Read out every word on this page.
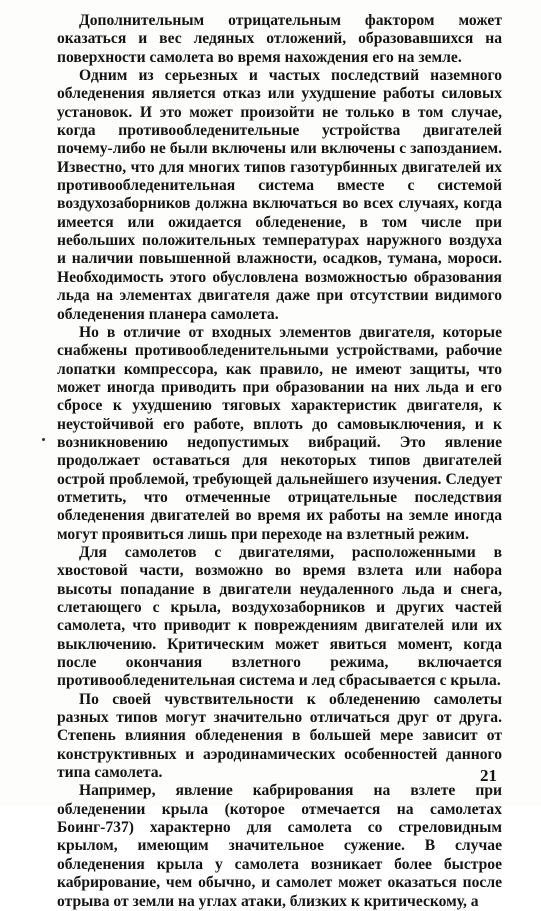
Дополнительным отрицательным фактором может оказаться и вес ледяных отложений, образовавшихся на поверхности самолета во время нахождения его на земле.

Одним из серьезных и частых последствий наземного обледенения является отказ или ухудшение работы силовых установок. И это может произойти не только в том случае, когда противообледенительные устройства двигателей почему-либо не были включены или включены с запозданием. Известно, что для многих типов газотурбинных двигателей их противообледенительная система вместе с системой воздухозаборников должна включаться во всех случаях, когда имеется или ожидается обледенение, в том числе при небольших положительных температурах наружного воздуха и наличии повышенной влажности, осадков, тумана, мороси. Необходимость этого обусловлена возможностью образования льда на элементах двигателя даже при отсутствии видимого обледенения планера самолета.

Но в отличие от входных элементов двигателя, которые снабжены противообледенительными устройствами, рабочие лопатки компрессора, как правило, не имеют защиты, что может иногда приводить при образовании на них льда и его сбросе к ухудшению тяговых характеристик двигателя, к неустойчивой его работе, вплоть до самовыключения, и к возникновению недопустимых вибраций. Это явление продолжает оставаться для некоторых типов двигателей острой проблемой, требующей дальнейшего изучения. Следует отметить, что отмеченные отрицательные последствия обледенения двигателей во время их работы на земле иногда могут проявиться лишь при переходе на взлетный режим.

Для самолетов с двигателями, расположенными в хвостовой части, возможно во время взлета или набора высоты попадание в двигатели неудаленного льда и снега, слетающего с крыла, воздухозаборников и других частей самолета, что приводит к повреждениям двигателей или их выключению. Критическим может явиться момент, когда после окончания взлетного режима, включается противообледенительная система и лед сбрасывается с крыла.

По своей чувствительности к обледенению самолеты разных типов могут значительно отличаться друг от друга. Степень влияния обледенения в большей мере зависит от конструктивных и аэродинамических особенностей данного типа самолета.

Например, явление кабрирования на взлете при обледенении крыла (которое отмечается на самолетах Боинг-737) характерно для самолета со стреловидным крылом, имеющим значительное сужение. В случае обледенения крыла у самолета возникает более быстрое кабрирование, чем обычно, и самолет может оказаться после отрыва от земли на углах атаки, близких к критическому, а

21
